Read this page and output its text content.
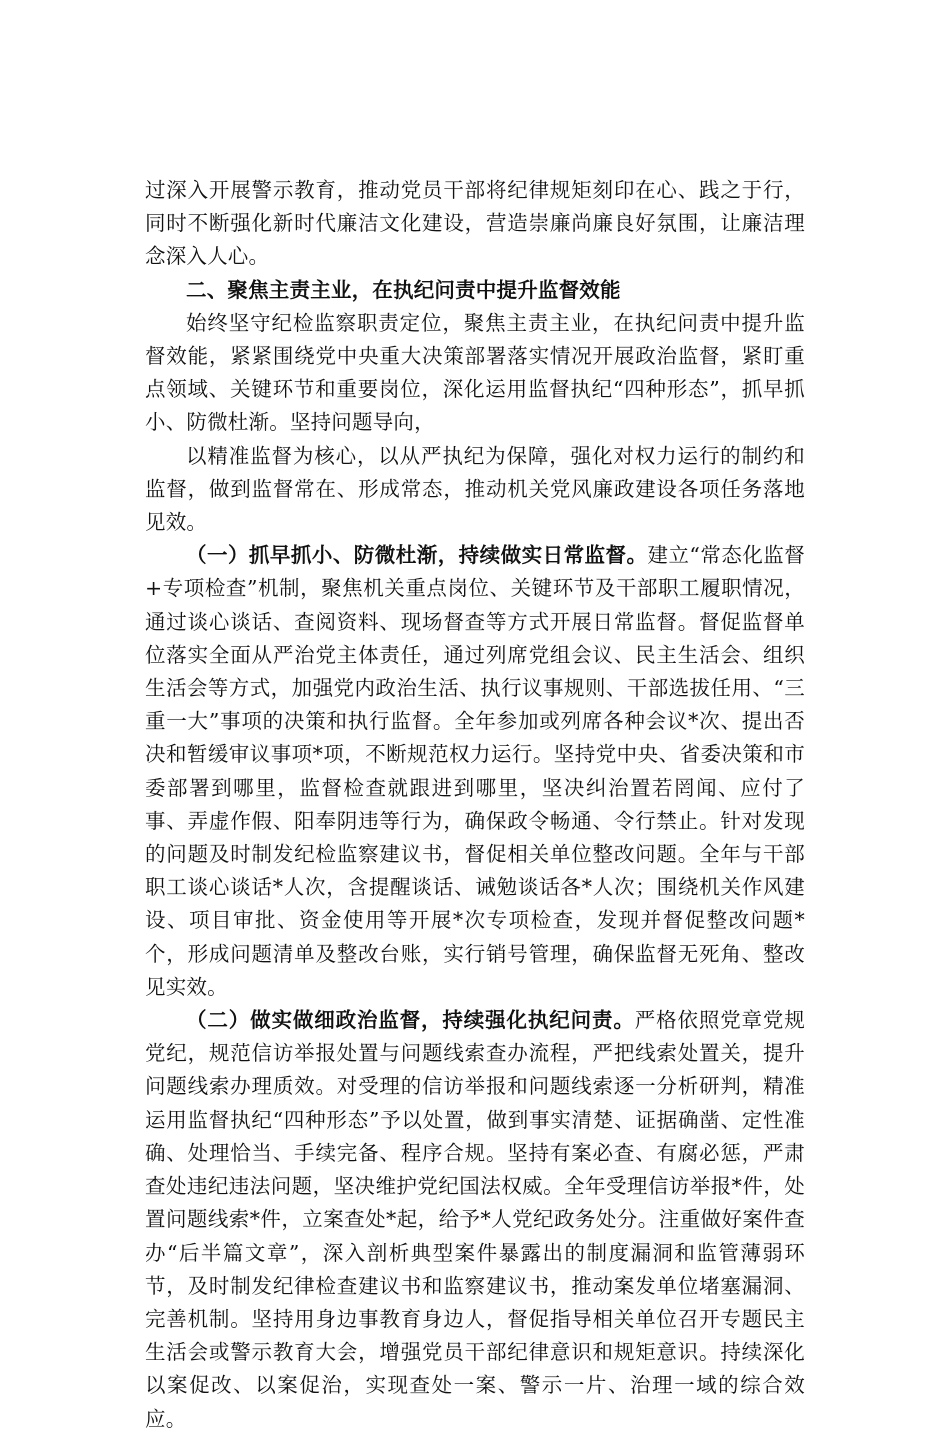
过深入开展警示教育，推动党员干部将纪律规矩刻印在心、践之于行，同时不断强化新时代廉洁文化建设，营造崇廉尚廉良好氛围，让廉洁理念深入人心。

二、聚焦主责主业，在执纪问责中提升监督效能

始终坚守纪检监察职责定位，聚焦主责主业，在执纪问责中提升监督效能，紧紧围绕党中央重大决策部署落实情况开展政治监督，紧盯重点领域、关键环节和重要岗位，深化运用监督执纪“四种形态”，抓早抓小、防微杜渐。坚持问题导向，

以精准监督为核心，以从严执纪为保障，强化对权力运行的制约和监督，做到监督常在、形成常态，推动机关党风廉政建设各项任务落地见效。

（一）抓早抓小、防微杜渐，持续做实日常监督。建立“常态化监督+专项检查”机制，聚焦机关重点岗位、关键环节及干部职工履职情况，通过谈心谈话、查阅资料、现场督查等方式开展日常监督。督促监督单位落实全面从严治党主体责任，通过列席党组会议、民主生活会、组织生活会等方式，加强党内政治生活、执行议事规则、干部选拔任用、“三重一大”事项的决策和执行监督。全年参加或列席各种会议*次、提出否决和暂缓审议事项*项，不断规范权力运行。坚持党中央、省委决策和市委部署到哪里，监督检查就跟进到哪里，坚决纠治置若罔闻、应付了事、弄虚作假、阳奉阴违等行为，确保政令畅通、令行禁止。针对发现的问题及时制发纪检监察建议书，督促相关单位整改问题。全年与干部职工谈心谈话*人次，含提醒谈话、诫勉谈话各*人次；围绕机关作风建设、项目审批、资金使用等开展*次专项检查，发现并督促整改问题*个，形成问题清单及整改台账，实行销号管理，确保监督无死角、整改见实效。

（二）做实做细政治监督，持续强化执纪问责。严格依照党章党规党纪，规范信访举报处置与问题线索查办流程，严把线索处置关，提升问题线索办理质效。对受理的信访举报和问题线索逐一分析研判，精准运用监督执纪“四种形态”予以处置，做到事实清楚、证据确凿、定性准确、处理恰当、手续完备、程序合规。坚持有案必查、有腐必惩，严肃查处违纪违法问题，坚决维护党纪国法权威。全年受理信访举报*件，处置问题线索*件，立案查处*起，给予*人党纪政务处分。注重做好案件查办“后半篇文章”，深入剖析典型案件暴露出的制度漏洞和监管薄弱环节，及时制发纪律检查建议书和监察建议书，推动案发单位堵塞漏洞、完善机制。坚持用身边事教育身边人，督促指导相关单位召开专题民主生活会或警示教育大会，增强党员干部纪律意识和规矩意识。持续深化以案促改、以案促治，实现查处一案、警示一片、治理一域的综合效应。
